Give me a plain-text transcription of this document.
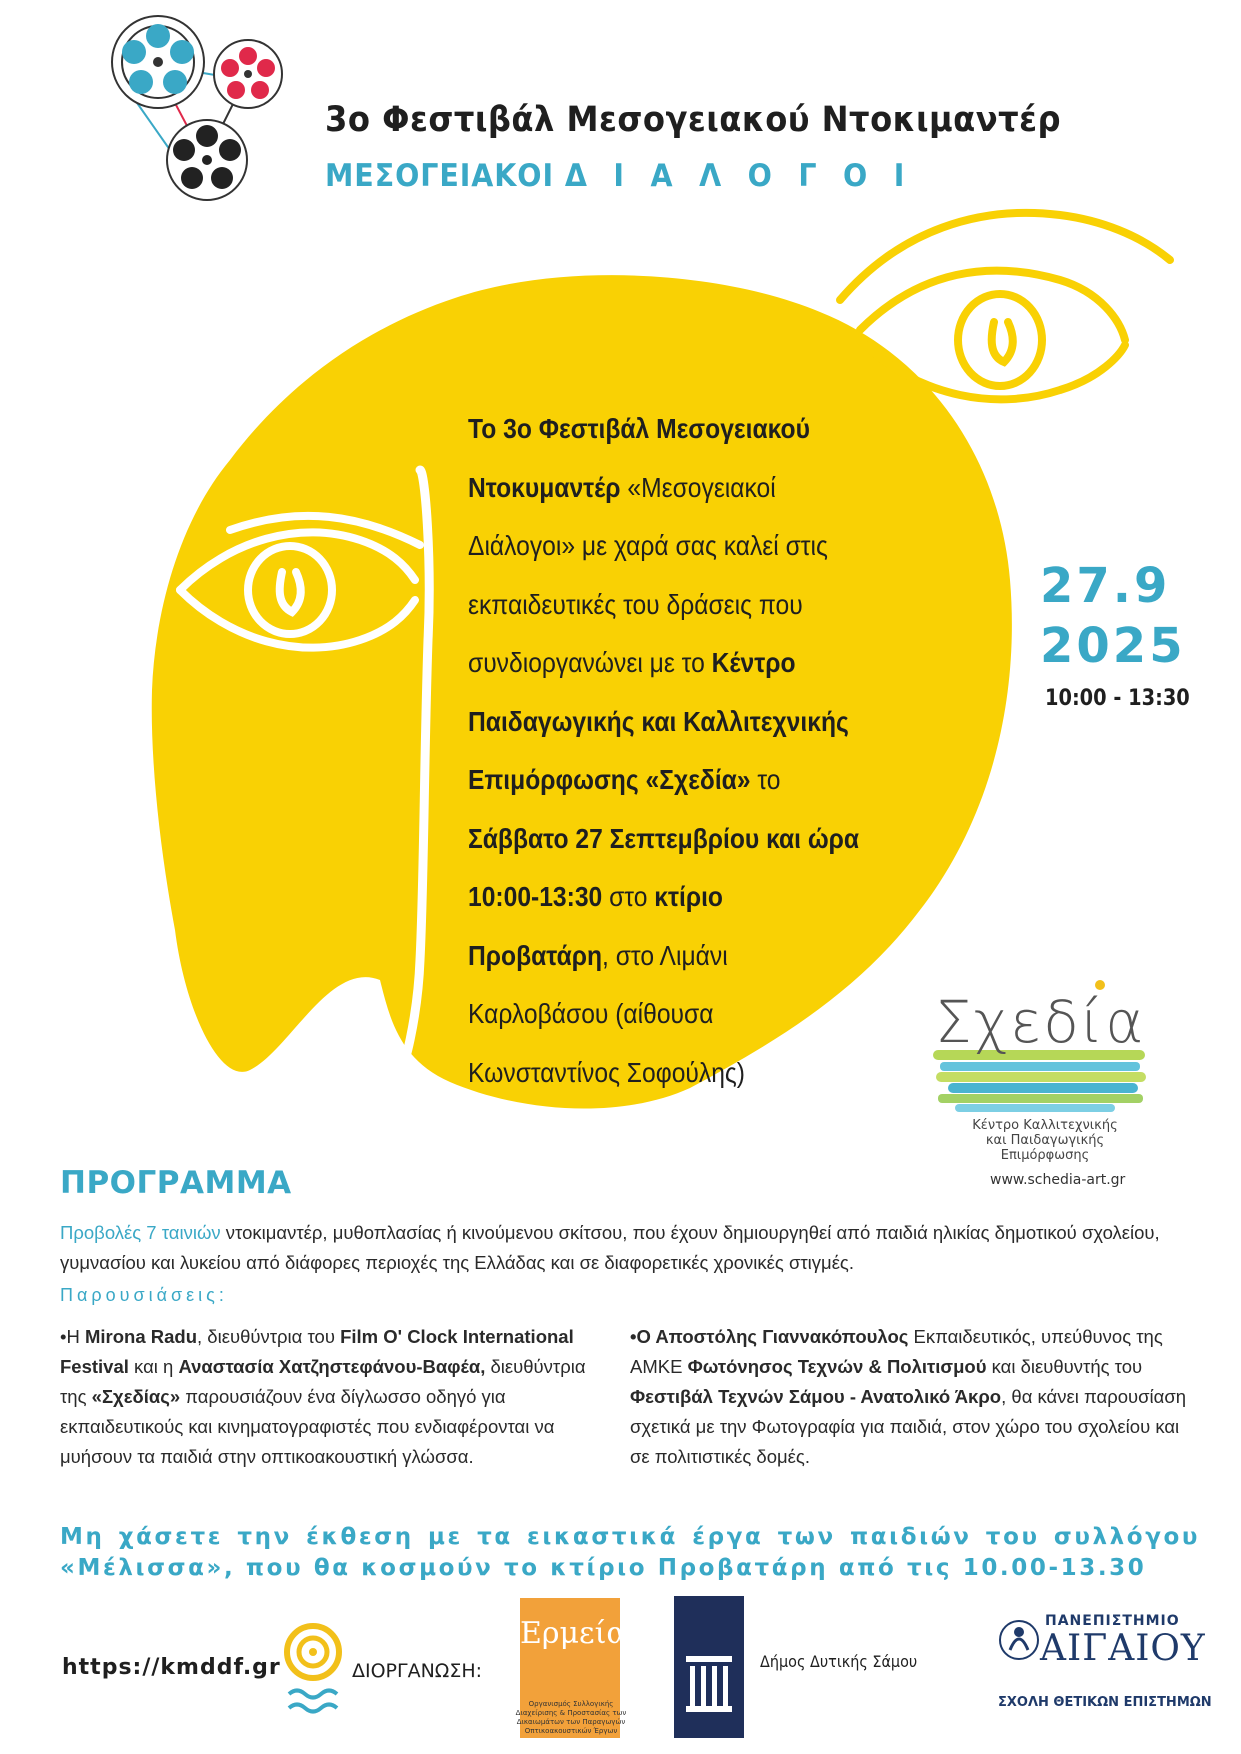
3ο Φεστιβάλ Μεσογειακού Ντοκιμαντέρ
ΜΕΣΟΓΕΙΑΚΟΙ Δ Ι Α Λ Ο Γ Ο Ι
Το 3ο Φεστιβάλ Μεσογειακού
Ντοκυμαντέρ «Μεσογειακοί
Διάλογοι» με χαρά σας καλεί στις
εκπαιδευτικές του δράσεις που
συνδιοργανώνει με το Κέντρο
Παιδαγωγικής και Καλλιτεχνικής
Επιμόρφωσης «Σχεδία» το
Σάββατο 27 Σεπτεμβρίου και ώρα
10:00-13:30 στο κτίριο
Προβατάρη, στο Λιμάνι
Καρλοβάσου (αίθουσα
Κωνσταντίνος Σοφούλης)
27.9
2025
10:00 - 13:30
Σχεδία
Κέντρο Καλλιτεχνικής
και Παιδαγωγικής
Επιμόρφωσης
www.schedia-art.gr
ΠΡΟΓΡΑΜΜΑ
Προβολές 7 ταινιών ντοκιμαντέρ, μυθοπλασίας ή κινούμενου σκίτσου, που έχουν δημιουργηθεί από παιδιά ηλικίας δημοτικού σχολείου, γυμνασίου και λυκείου από διάφορες περιοχές της Ελλάδας και σε διαφορετικές χρονικές στιγμές.
Παρουσιάσεις:
•Η Mirona Radu, διευθύντρια του Film O' Clock International Festival και η Αναστασία Χατζηστεφάνου-Βαφέα, διευθύντρια της «Σχεδίας» παρουσιάζουν ένα δίγλωσσο οδηγό για εκπαιδευτικούς και κινηματογραφιστές που ενδιαφέρονται να μυήσουν τα παιδιά στην οπτικοακουστική γλώσσα.
•Ο Αποστόλης Γιαννακόπουλος Εκπαιδευτικός, υπεύθυνος της ΑΜΚΕ Φωτόνησος Τεχνών & Πολιτισμού και διευθυντής του Φεστιβάλ Τεχνών Σάμου - Ανατολικό Άκρο, θα κάνει παρουσίαση σχετικά με την Φωτογραφία για παιδιά, στον χώρο του σχολείου και σε πολιτιστικές δομές.
Μη χάσετε την έκθεση με τα εικαστικά έργα των παιδιών του συλλόγου «Μέλισσα», που θα κοσμούν το κτίριο Προβατάρη από τις 10.00-13.30
https://kmddf.gr	ΔΙΟΡΓΑΝΩΣΗ:
Ερμείας
Οργανισμός Συλλογικής Διαχείρισης & Προστασίας των Δικαιωμάτων των Παραγωγών Οπτικοακουστικών Έργων
Δήμος Δυτικής Σάμου
ΠΑΝΕΠΙΣΤΗΜΙΟ
ΑΙΓΑΙΟΥ
ΣΧΟΛΗ ΘΕΤΙΚΩΝ ΕΠΙΣΤΗΜΩΝ
